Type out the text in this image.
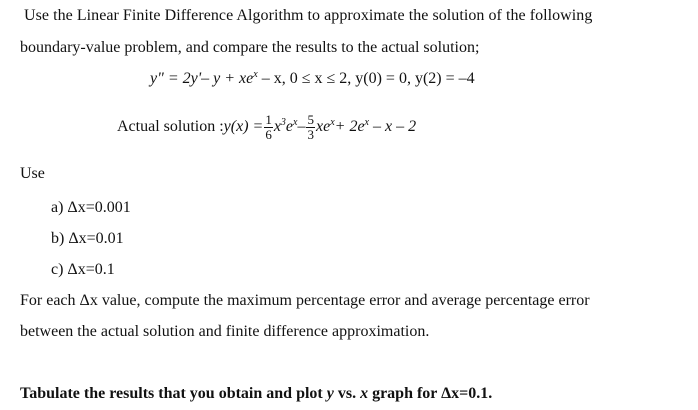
Use the Linear Finite Difference Algorithm to approximate the solution of the following
boundary-value problem, and compare the results to the actual solution;
y" = 2y'– $y + xe^x - x$, 0 ≤ x ≤ 2, y(0) = 0, y(2) = –4
Actual solution : $y(x) = \frac{1}{6} x^3e^x - \frac{5}{3} xe^x + 2e^x - x - 2$
Use
a) Δx=0.001
b) Δx=0.01
c) Δx=0.1
For each Δx value, compute the maximum percentage error and average percentage error
between the actual solution and finite difference approximation.
Tabulate the results that you obtain and plot y vs. x graph for Δx=0.1.
